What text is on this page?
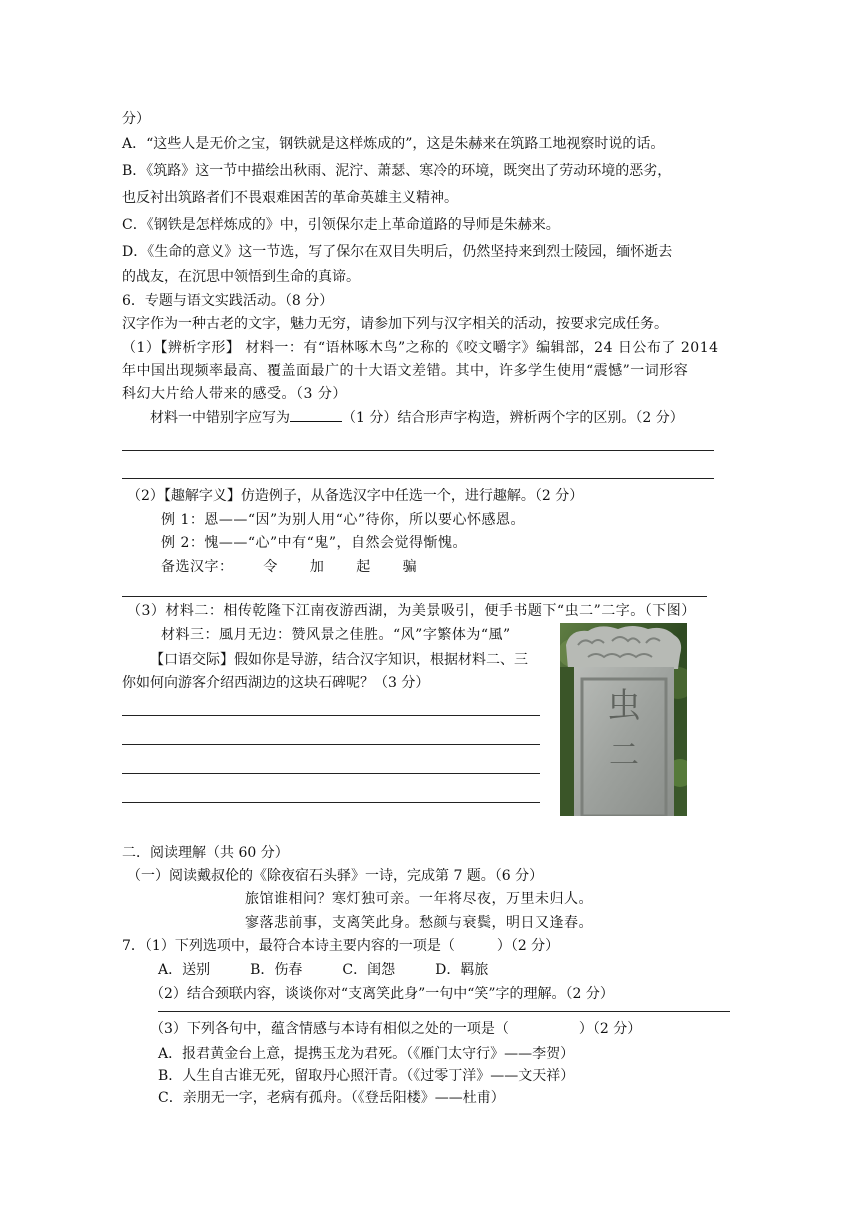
分）
A．“这些人是无价之宝，钢铁就是这样炼成的”，这是朱赫来在筑路工地视察时说的话。
B．《筑路》这一节中描绘出秋雨、泥泞、萧瑟、寒冷的环境，既突出了劳动环境的恶劣，
也反衬出筑路者们不畏艰难困苦的革命英雄主义精神。
C．《钢铁是怎样炼成的》中，引领保尔走上革命道路的导师是朱赫来。
D．《生命的意义》这一节选，写了保尔在双目失明后，仍然坚持来到烈士陵园，缅怀逝去
的战友，在沉思中领悟到生命的真谛。
6．专题与语文实践活动。（8 分）
汉字作为一种古老的文字，魅力无穷，请参加下列与汉字相关的活动，按要求完成任务。
（1）【辨析字形】 材料一：有“语林啄木鸟”之称的《咬文嚼字》编辑部，24 日公布了 2014
年中国出现频率最高、覆盖面最广的十大语文差错。其中，许多学生使用“震憾”一词形容
科幻大片给人带来的感受。（3 分）
材料一中错别字应写为	（1 分）结合形声字构造，辨析两个字的区别。（2 分）
（2）【趣解字义】仿造例子，从备选汉字中任选一个，进行趣解。（2 分）
例 1：恩——“因”为别人用“心”待你，所以要心怀感恩。
例 2：愧——“心”中有“鬼”，自然会觉得惭愧。
备选汉字： 令 加 起 骗
（3）材料二：相传乾隆下江南夜游西湖，为美景吸引，便手书题下“虫二”二字。（下图）
材料三：風月无边：赞风景之佳胜。“风”字繁体为“風”
【口语交际】假如你是导游，结合汉字知识，根据材料二、三
你如何向游客介绍西湖边的这块石碑呢？（3 分）
虫
二
二．阅读理解（共 60 分）
（一）阅读戴叔伦的《除夜宿石头驿》一诗，完成第 7 题。（6 分）
旅馆谁相问？寒灯独可亲。一年将尽夜，万里未归人。
寥落悲前事，支离笑此身。愁颜与衰鬓，明日又逢春。
7．（1）下列选项中，最符合本诗主要内容的一项是（　　　）（2 分）
A．送别	B．伤春	C．闺怨	D．羁旅
（2）结合颈联内容，谈谈你对“支离笑此身”一句中“笑”字的理解。（2 分）
（3）下列各句中，蕴含情感与本诗有相似之处的一项是（　　　　　）（2 分）
A．报君黄金台上意，提携玉龙为君死。（《雁门太守行》——李贺）
B．人生自古谁无死，留取丹心照汗青。（《过零丁洋》——文天祥）
C．亲朋无一字，老病有孤舟。（《登岳阳楼》——杜甫）
